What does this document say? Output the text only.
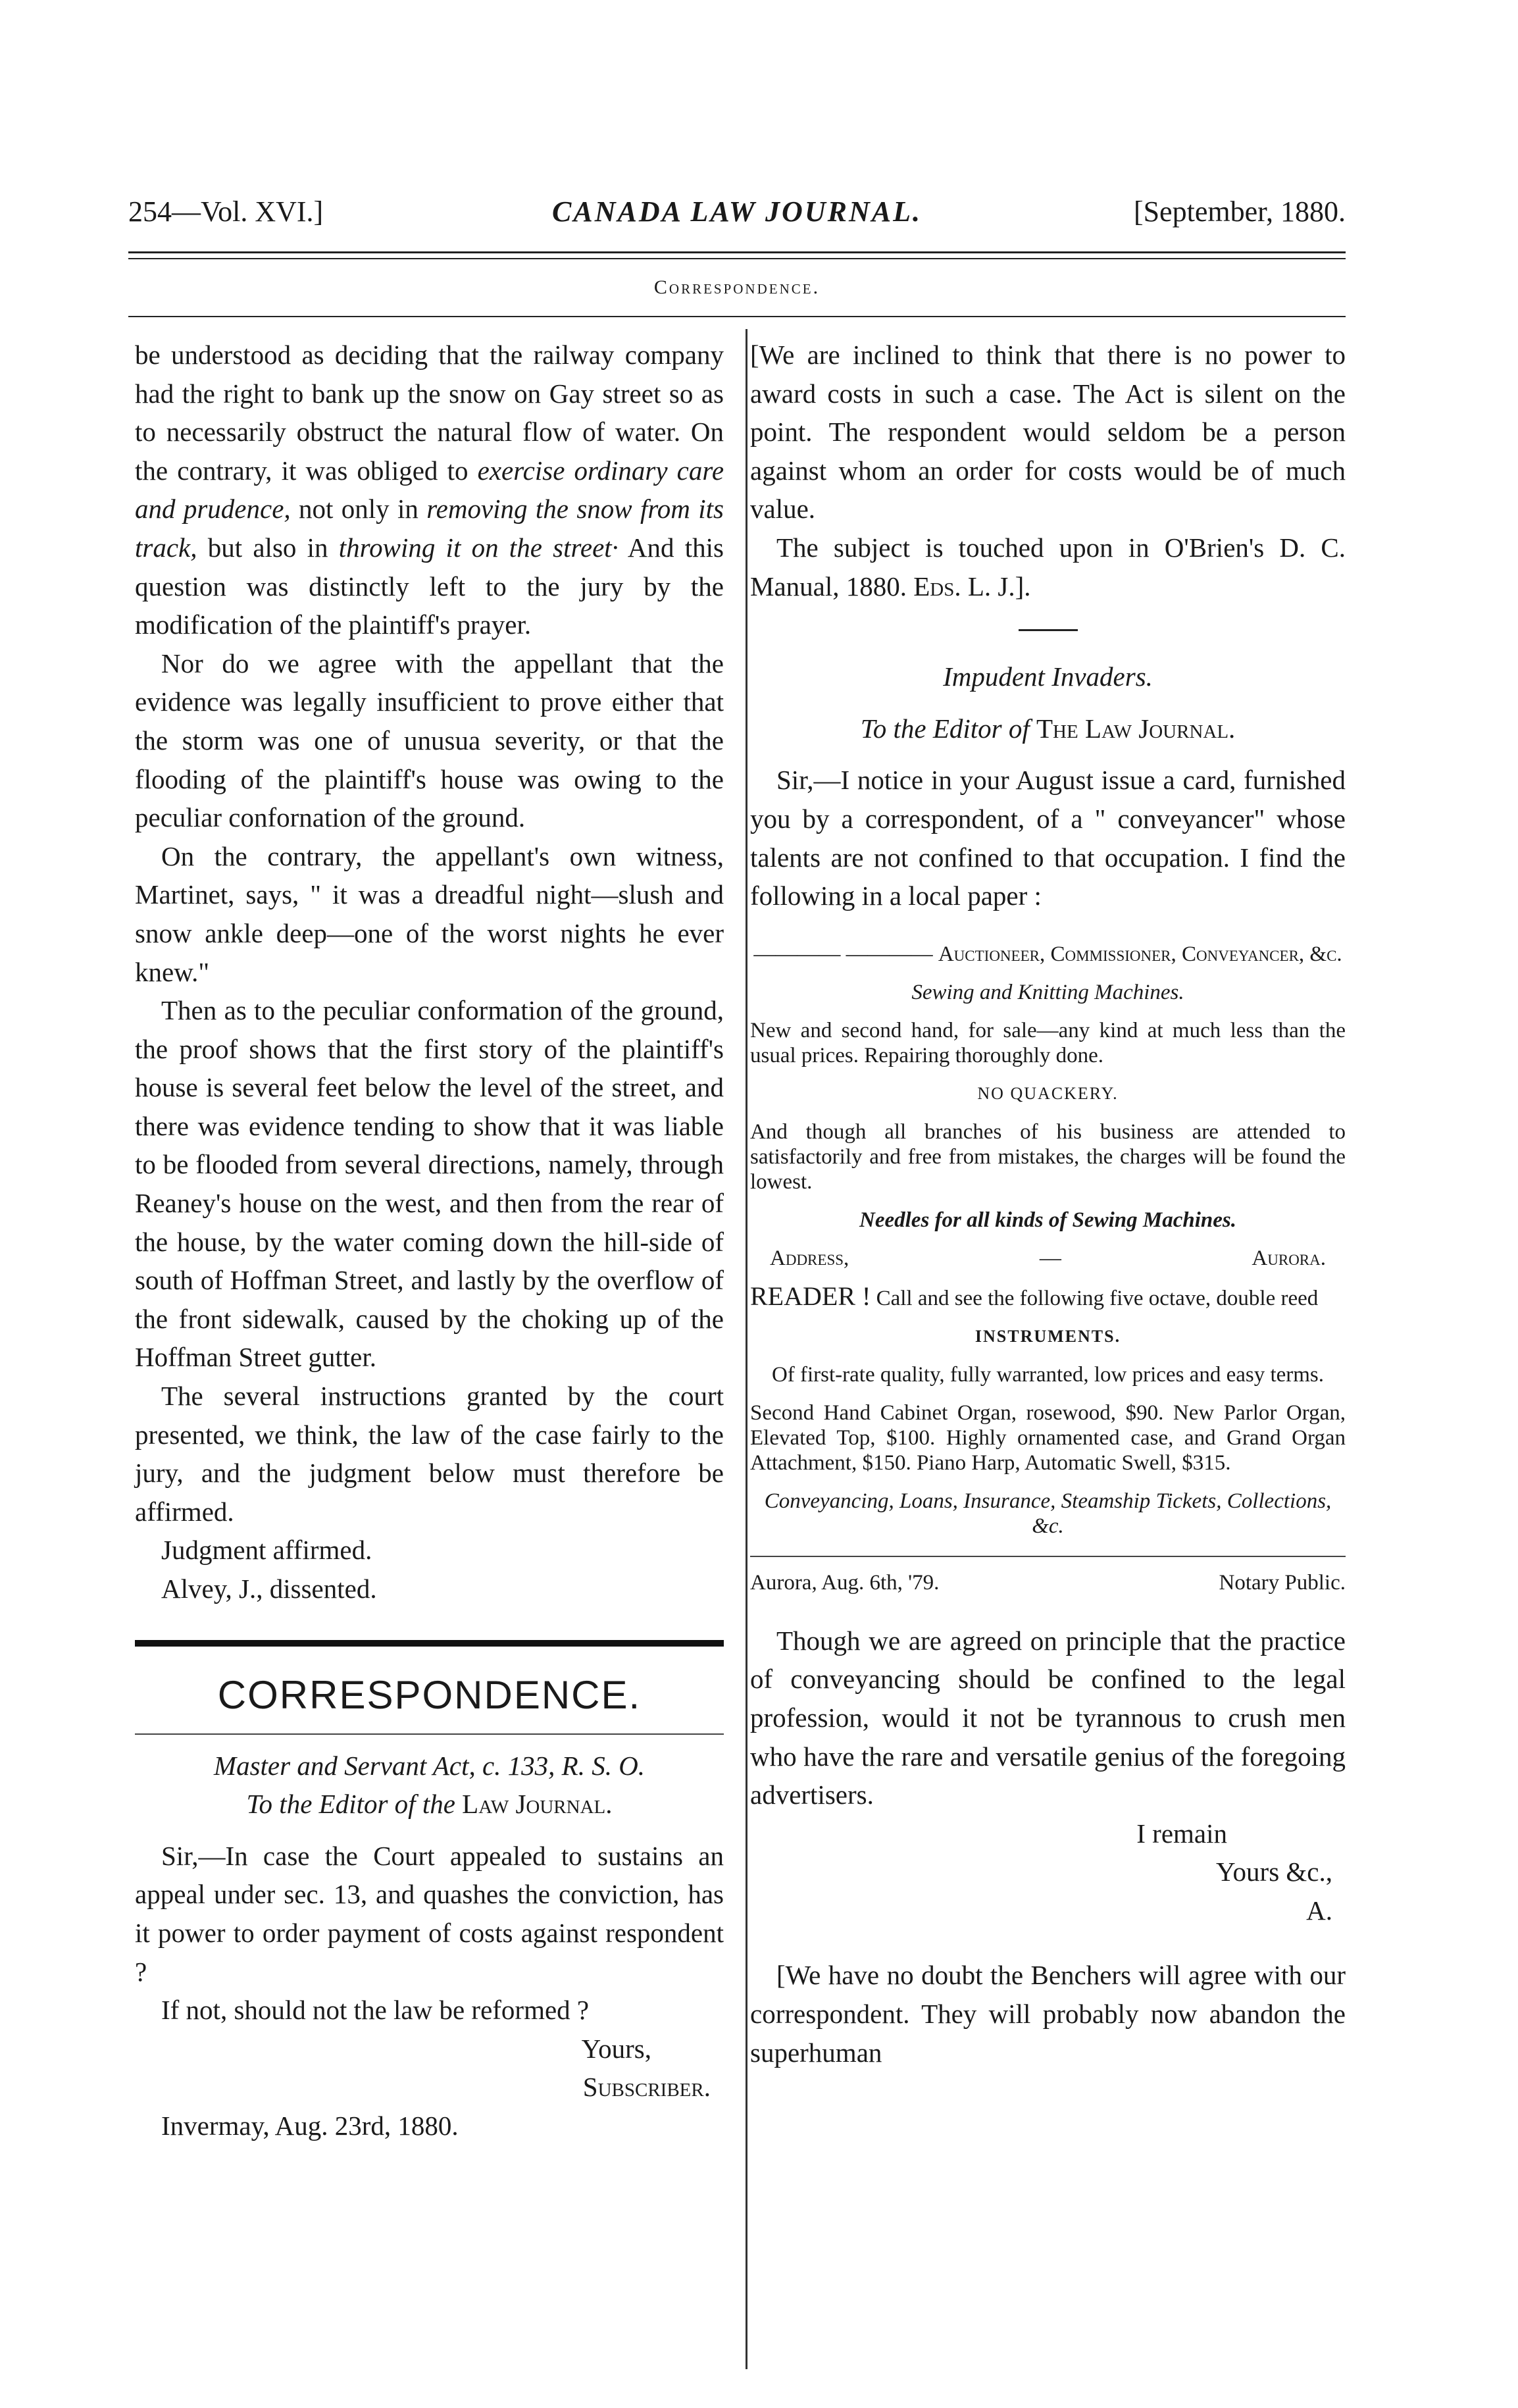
254—Vol. XVI.]	CANADA LAW JOURNAL.	[September, 1880.
Correspondence.

be understood as deciding that the railway company had the right to bank up the snow on Gay street so as to necessarily obstruct the natural flow of water. On the contrary, it was obliged to exercise ordinary care and prudence, not only in removing the snow from its track, but also in throwing it on the street· And this question was distinctly left to the jury by the modification of the plaintiff's prayer.

Nor do we agree with the appellant that the evidence was legally insufficient to prove either that the storm was one of unusua severity, or that the flooding of the plaintiff's house was owing to the peculiar confornation of the ground.

On the contrary, the appellant's own witness, Martinet, says, " it was a dreadful night—slush and snow ankle deep—one of the worst nights he ever knew."

Then as to the peculiar conformation of the ground, the proof shows that the first story of the plaintiff's house is several feet below the level of the street, and there was evidence tending to show that it was liable to be flooded from several directions, namely, through Reaney's house on the west, and then from the rear of the house, by the water coming down the hill-side of south of Hoffman Street, and lastly by the overflow of the front sidewalk, caused by the choking up of the Hoffman Street gutter.

The several instructions granted by the court presented, we think, the law of the case fairly to the jury, and the judgment below must therefore be affirmed.

Judgment affirmed.

Alvey, J., dissented.

CORRESPONDENCE.

Master and Servant Act, c. 133, R. S. O.

To the Editor of the Law Journal.

Sir,—In case the Court appealed to sustains an appeal under sec. 13, and quashes the conviction, has it power to order payment of costs against respondent ?

If not, should not the law be reformed ?

Yours,

Subscriber.

Invermay, Aug. 23rd, 1880.

[We are inclined to think that there is no power to award costs in such a case. The Act is silent on the point. The respondent would seldom be a person against whom an order for costs would be of much value.

The subject is touched upon in O'Brien's D. C. Manual, 1880. Eds. L. J.].

Impudent Invaders.

To the Editor of The Law Journal.

Sir,—I notice in your August issue a card, furnished you by a correspondent, of a " conveyancer" whose talents are not confined to that occupation. I find the following in a local paper :

———— ———— Auctioneer, Commissioner, Conveyancer, &c.

Sewing and Knitting Machines.

New and second hand, for sale—any kind at much less than the usual prices. Repairing thoroughly done.

NO QUACKERY.

And though all branches of his business are attended to satisfactorily and free from mistakes, the charges will be found the lowest.

Needles for all kinds of Sewing Machines.

Address,	—	Aurora.

READER ! Call and see the following five octave, double reed

INSTRUMENTS.

Of first-rate quality, fully warranted, low prices and easy terms.

Second Hand Cabinet Organ, rosewood, $90. New Parlor Organ, Elevated Top, $100. Highly ornamented case, and Grand Organ Attachment, $150. Piano Harp, Automatic Swell, $315.

Conveyancing, Loans, Insurance, Steamship Tickets, Collections, &c.

Aurora, Aug. 6th, '79.	Notary Public.

Though we are agreed on principle that the practice of conveyancing should be confined to the legal profession, would it not be tyrannous to crush men who have the rare and versatile genius of the foregoing advertisers.

I remain

Yours &c.,

A.

[We have no doubt the Benchers will agree with our correspondent. They will probably now abandon the superhuman
